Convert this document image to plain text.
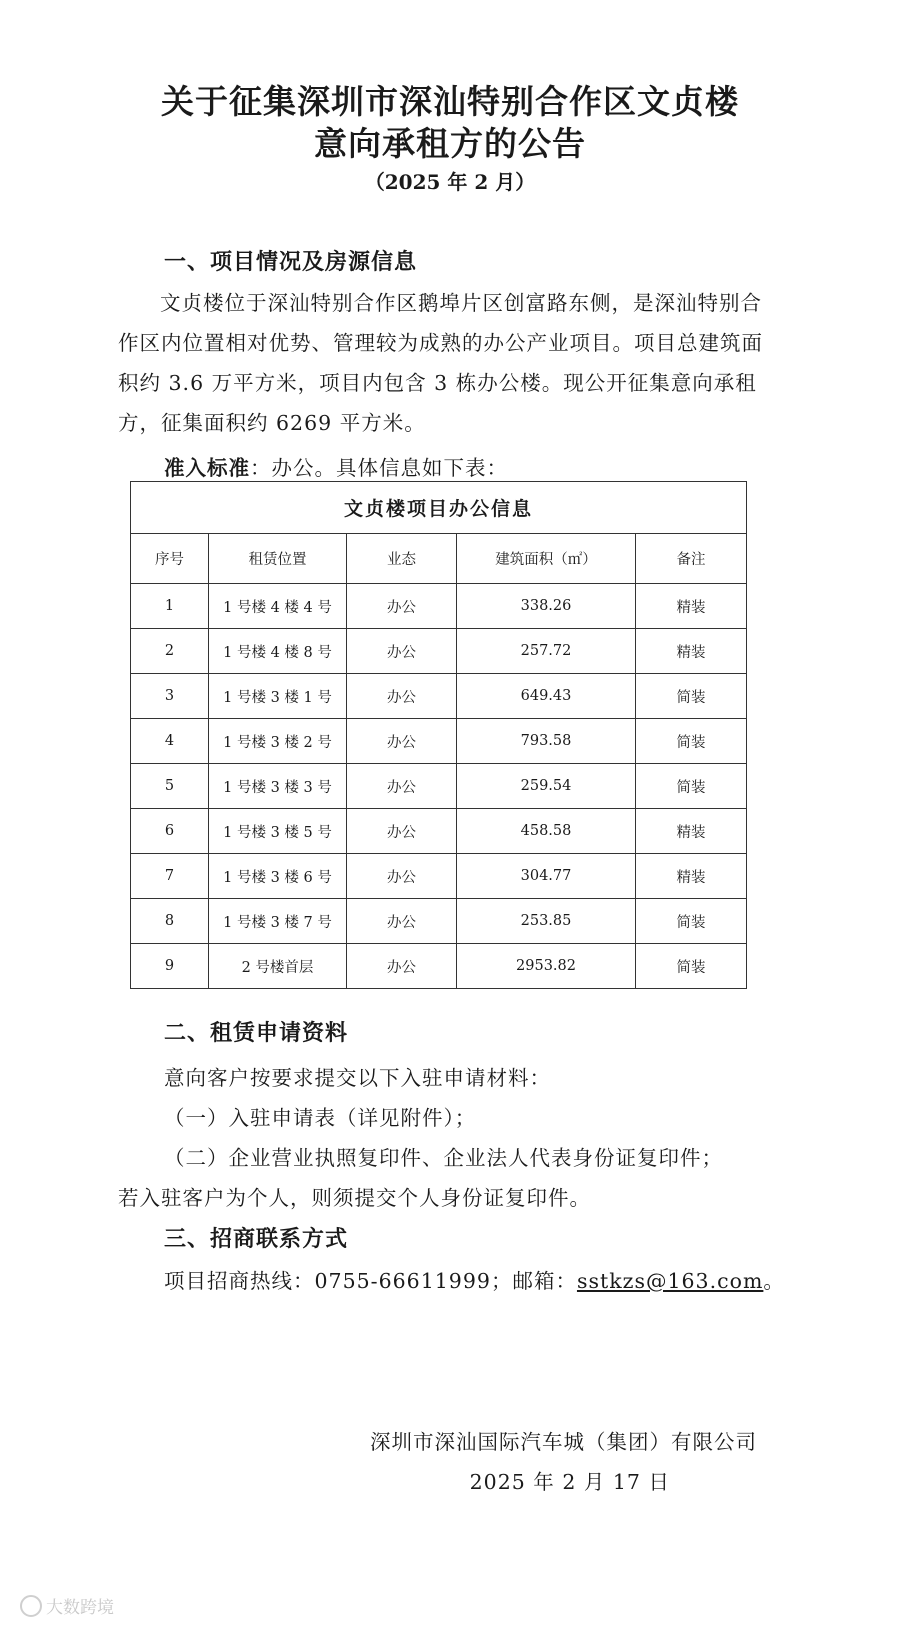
关于征集深圳市深汕特别合作区文贞楼
意向承租方的公告
（2025 年 2 月）
一、项目情况及房源信息

文贞楼位于深汕特别合作区鹅埠片区创富路东侧，是深汕特别合作区内位置相对优势、管理较为成熟的办公产业项目。项目总建筑面积约 3.6 万平方米，项目内包含 3 栋办公楼。现公开征集意向承租方，征集面积约 6269 平方米。

准入标准：办公。具体信息如下表：
文贞楼项目办公信息				
序号	租赁位置	业态	建筑面积（㎡）	备注
1	1 号楼 4 楼 4 号	办公	338.26	精装
2	1 号楼 4 楼 8 号	办公	257.72	精装
3	1 号楼 3 楼 1 号	办公	649.43	简装
4	1 号楼 3 楼 2 号	办公	793.58	简装
5	1 号楼 3 楼 3 号	办公	259.54	简装
6	1 号楼 3 楼 5 号	办公	458.58	精装
7	1 号楼 3 楼 6 号	办公	304.77	精装
8	1 号楼 3 楼 7 号	办公	253.85	简装
9	2 号楼首层	办公	2953.82	简装
二、租赁申请资料
意向客户按要求提交以下入驻申请材料：
（一）入驻申请表（详见附件）；
（二）企业营业执照复印件、企业法人代表身份证复印件；
若入驻客户为个人，则须提交个人身份证复印件。
三、招商联系方式
项目招商热线：0755-66611999；邮箱：sstkzs@163.com。
深圳市深汕国际汽车城（集团）有限公司
2025 年 2 月 17 日
大数跨境
